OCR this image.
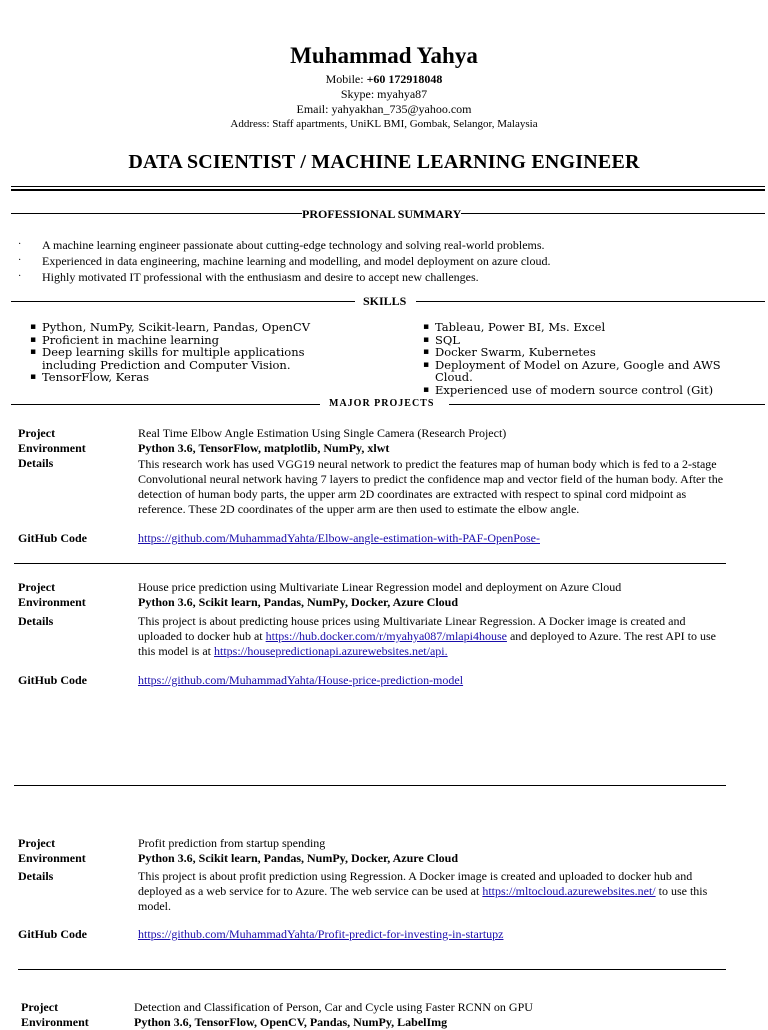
Muhammad Yahya
Mobile: +60 172918048
Skype: myahya87
Email: yahyakhan_735@yahoo.com
Address: Staff apartments, UniKL BMI, Gombak, Selangor, Malaysia
DATA SCIENTIST / MACHINE LEARNING ENGINEER
PROFESSIONAL SUMMARY
· A machine learning engineer passionate about cutting-edge technology and solving real-world problems.
· Experienced in data engineering, machine learning and modelling, and model deployment on azure cloud.
· Highly motivated IT professional with the enthusiasm and desire to accept new challenges.
SKILLS
▪ Python, NumPy, Scikit-learn, Pandas, OpenCV
▪ Proficient in machine learning
▪ Deep learning skills for multiple applications including Prediction and Computer Vision.
▪ TensorFlow, Keras
▪ Tableau, Power BI, Ms. Excel
▪ SQL
▪ Docker Swarm, Kubernetes
▪ Deployment of Model on Azure, Google and AWS Cloud.
▪ Experienced use of modern source control (Git)
MAJOR PROJECTS
Project
Environment
Details
GitHub Code
Real Time Elbow Angle Estimation Using Single Camera (Research Project)
Python 3.6, TensorFlow, matplotlib, NumPy, xlwt
This research work has used VGG19 neural network to predict the features map of human body which is fed to a 2-stage Convolutional neural network having 7 layers to predict the confidence map and vector field of the human body. After the detection of human body parts, the upper arm 2D coordinates are extracted with respect to spinal cord midpoint as reference. These 2D coordinates of the upper arm are then used to estimate the elbow angle.
https://github.com/MuhammadYahta/Elbow-angle-estimation-with-PAF-OpenPose-
Project
Environment
Details
GitHub Code
House price prediction using Multivariate Linear Regression model and deployment on Azure Cloud
Python 3.6, Scikit learn, Pandas, NumPy, Docker, Azure Cloud
This project is about predicting house prices using Multivariate Linear Regression. A Docker image is created and uploaded to docker hub at https://hub.docker.com/r/myahya087/mlapi4house and deployed to Azure. The rest API to use this model is at https://housepredictionapi.azurewebsites.net/api.
https://github.com/MuhammadYahta/House-price-prediction-model
Project
Environment
Details
GitHub Code
Profit prediction from startup spending
Python 3.6, Scikit learn, Pandas, NumPy, Docker, Azure Cloud
This project is about profit prediction using Regression. A Docker image is created and uploaded to docker hub and deployed as a web service for to Azure. The web service can be used at https://mltocloud.azurewebsites.net/ to use this model.
https://github.com/MuhammadYahta/Profit-predict-for-investing-in-startupz
Project
Environment
Detection and Classification of Person, Car and Cycle using Faster RCNN on GPU
Python 3.6, TensorFlow, OpenCV, Pandas, NumPy, LabelImg
